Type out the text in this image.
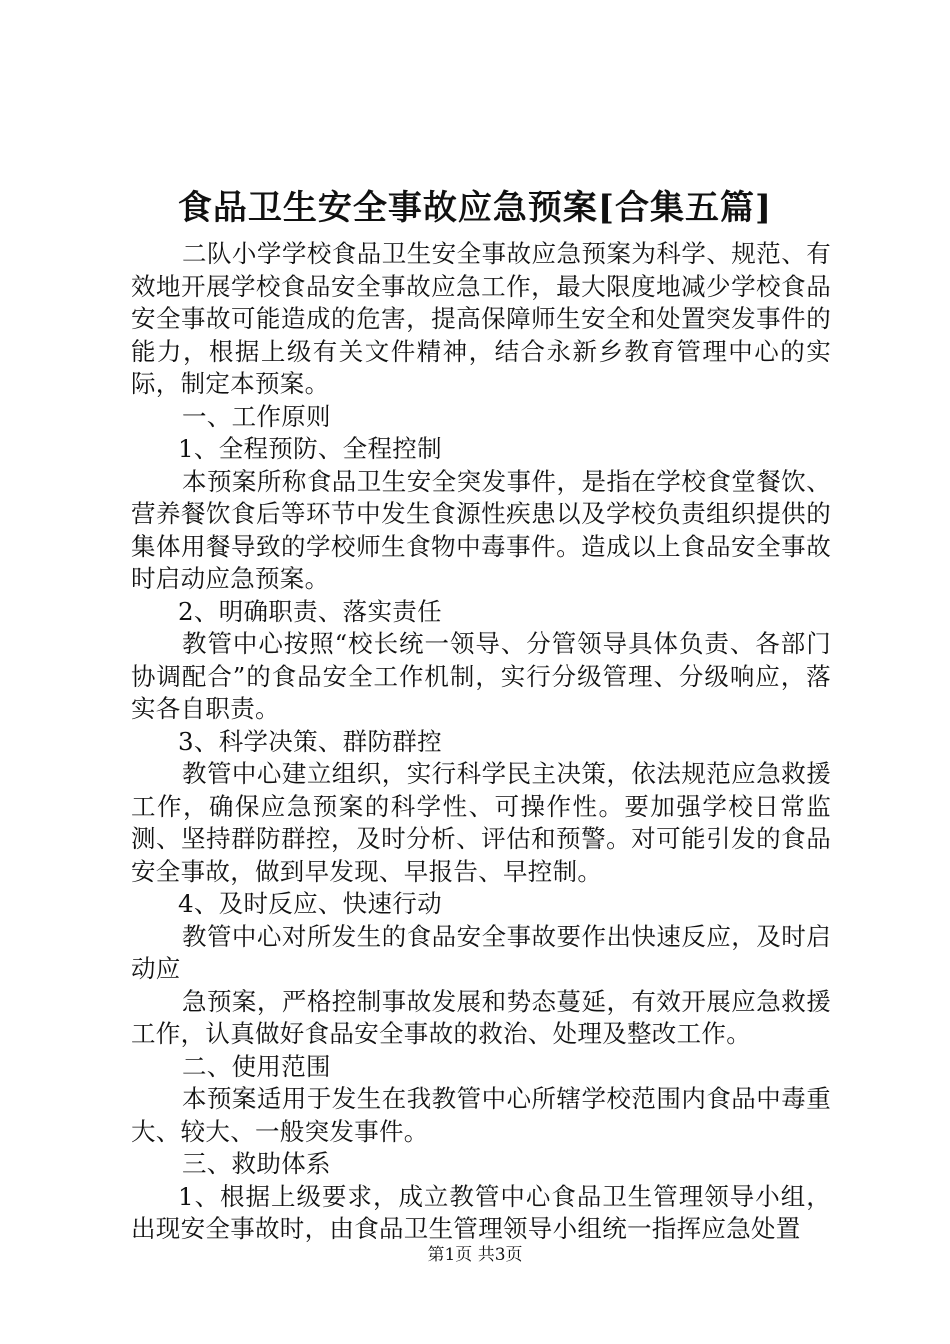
食品卫生安全事故应急预案[合集五篇]

二队小学学校食品卫生安全事故应急预案为科学、规范、有效地开展学校食品安全事故应急工作，最大限度地减少学校食品安全事故可能造成的危害，提高保障师生安全和处置突发事件的能力，根据上级有关文件精神，结合永新乡教育管理中心的实际，制定本预案。

一、工作原则

1、全程预防、全程控制

本预案所称食品卫生安全突发事件，是指在学校食堂餐饮、营养餐饮食后等环节中发生食源性疾患以及学校负责组织提供的集体用餐导致的学校师生食物中毒事件。造成以上食品安全事故时启动应急预案。

2、明确职责、落实责任

教管中心按照“校长统一领导、分管领导具体负责、各部门协调配合”的食品安全工作机制，实行分级管理、分级响应，落实各自职责。

3、科学决策、群防群控

教管中心建立组织，实行科学民主决策，依法规范应急救援工作，确保应急预案的科学性、可操作性。要加强学校日常监测、坚持群防群控，及时分析、评估和预警。对可能引发的食品安全事故，做到早发现、早报告、早控制。

4、及时反应、快速行动

教管中心对所发生的食品安全事故要作出快速反应，及时启动应

急预案，严格控制事故发展和势态蔓延，有效开展应急救援工作，认真做好食品安全事故的救治、处理及整改工作。

二、使用范围

本预案适用于发生在我教管中心所辖学校范围内食品中毒重大、较大、一般突发事件。

三、救助体系

1、根据上级要求，成立教管中心食品卫生管理领导小组，出现安全事故时，由食品卫生管理领导小组统一指挥应急处置

第1页 共3页
